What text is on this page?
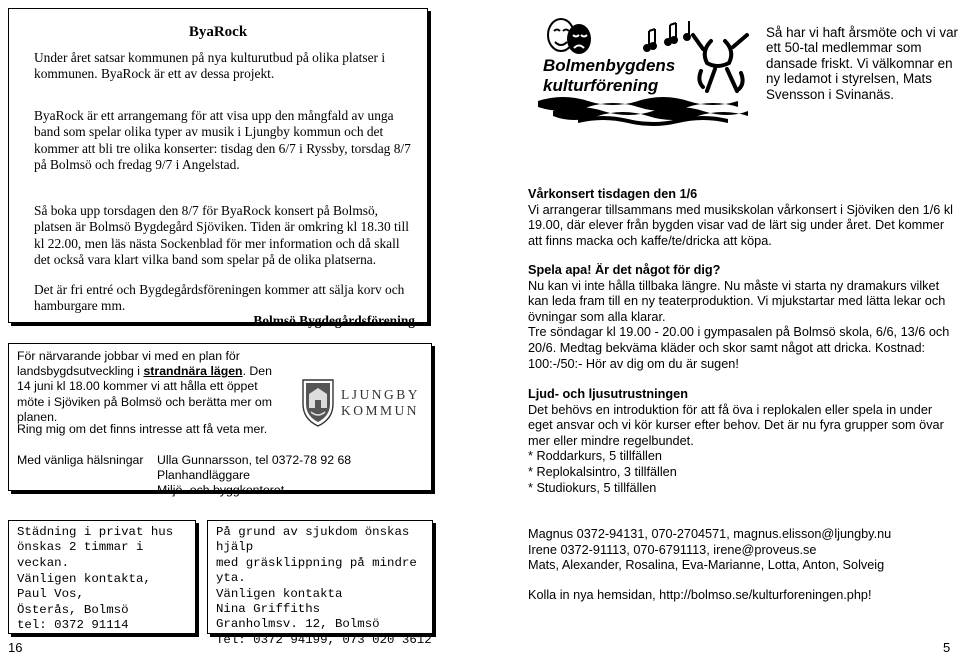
ByaRock

Under året satsar kommunen på nya kulturutbud på olika platser i kommunen. ByaRock är ett av dessa projekt.

ByaRock är ett arrangemang för att visa upp den mångfald av unga band som spelar olika typer av musik i Ljungby kommun och det kommer att bli tre olika konserter: tisdag den 6/7 i Ryssby, torsdag 8/7 på Bolmsö och fredag 9/7 i Angelstad.

Så boka upp torsdagen den 8/7 för ByaRock konsert på Bolmsö, platsen är Bolmsö Bygdegård Sjöviken. Tiden är omkring kl 18.30 till kl 22.00, men läs nästa Sockenblad för mer information och då skall det också vara klart vilka band som spelar på de olika platserna.

Det är fri entré och Bygdegårdsföreningen kommer att sälja korv och hamburgare mm.

Bolmsö Bygdegårdsförening

För närvarande jobbar vi med en plan för landsbygdsutveckling i strandnära lägen. Den 14 juni kl 18.00 kommer vi att hålla ett öppet möte i Sjöviken på Bolmsö och berätta mer om planen.

Ring mig om det finns intresse att få veta mer.

Med vänliga hälsningar Ulla Gunnarsson, tel 0372-78 92 68
Planhandläggare
Miljö- och byggkontoret
LJUNGBY
KOMMUN
Städning i privat hus
önskas 2 timmar i veckan.
Vänligen kontakta,
Paul Vos,
Österås, Bolmsö
tel: 0372 91114
På grund av sjukdom önskas hjälp
med gräsklippning på mindre yta.
Vänligen kontakta
Nina Griffiths
Granholmsv. 12, Bolmsö
Tel: 0372 94199, 073 020 3612
16	5
Bolmenbygdens
kulturförening

Så har vi haft årsmöte och vi var ett 50-tal medlemmar som dansade friskt. Vi välkomnar en ny ledamot i styrelsen, Mats Svensson i Svinanäs.

Vårkonsert tisdagen den 1/6
Vi arrangerar tillsammans med musikskolan vårkonsert i Sjöviken den 1/6 kl 19.00, där elever från bygden visar vad de lärt sig under året. Det kommer att finns macka och kaffe/te/dricka att köpa.
Spela apa! Är det något för dig?
Nu kan vi inte hålla tillbaka längre. Nu måste vi starta ny dramakurs vilket kan leda fram till en ny teaterproduktion. Vi mjukstartar med lätta lekar och övningar som alla klarar.
Tre söndagar kl 19.00 - 20.00 i gympasalen på Bolmsö skola, 6/6, 13/6 och 20/6. Medtag bekväma kläder och skor samt något att dricka. Kostnad: 100:-/50:- Hör av dig om du är sugen!
Ljud- och ljusutrustningen
Det behövs en introduktion för att få öva i replokalen eller spela in under eget ansvar och vi kör kurser efter behov. Det är nu fyra grupper som övar mer eller mindre regelbundet.
* Roddarkurs, 5 tillfällen
* Replokalsintro, 3 tillfällen
* Studiokurs, 5 tillfällen
Magnus 0372-94131, 070-2704571, magnus.elisson@ljungby.nu
Irene 0372-91113, 070-6791113, irene@proveus.se
Mats, Alexander, Rosalina, Eva-Marianne, Lotta, Anton, Solveig
Kolla in nya hemsidan, http://bolmso.se/kulturforeningen.php!
